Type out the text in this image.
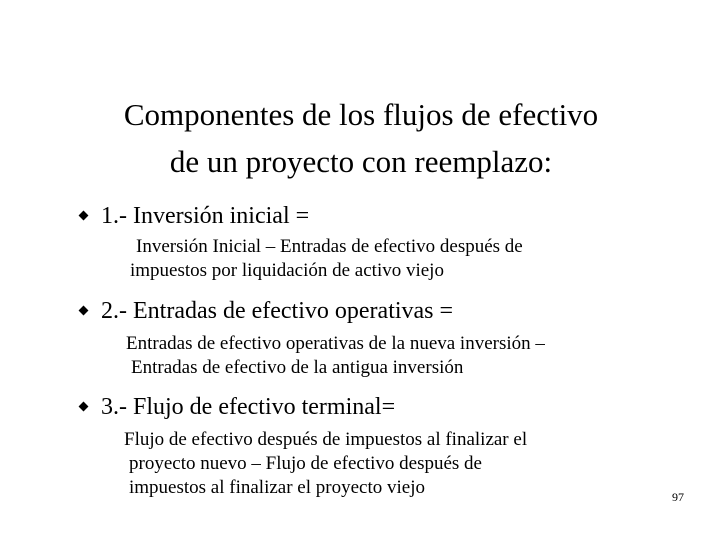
Componentes de los flujos de efectivo
de un proyecto con reemplazo:
1.- Inversión inicial =
Inversión Inicial – Entradas de efectivo después de
impuestos por liquidación de activo viejo
2.- Entradas de efectivo operativas =
Entradas de efectivo operativas de la nueva inversión –
Entradas de efectivo de la antigua inversión
3.- Flujo de efectivo terminal=
Flujo de efectivo después de impuestos al finalizar el
proyecto nuevo – Flujo de efectivo después de
impuestos al finalizar el proyecto viejo	97
